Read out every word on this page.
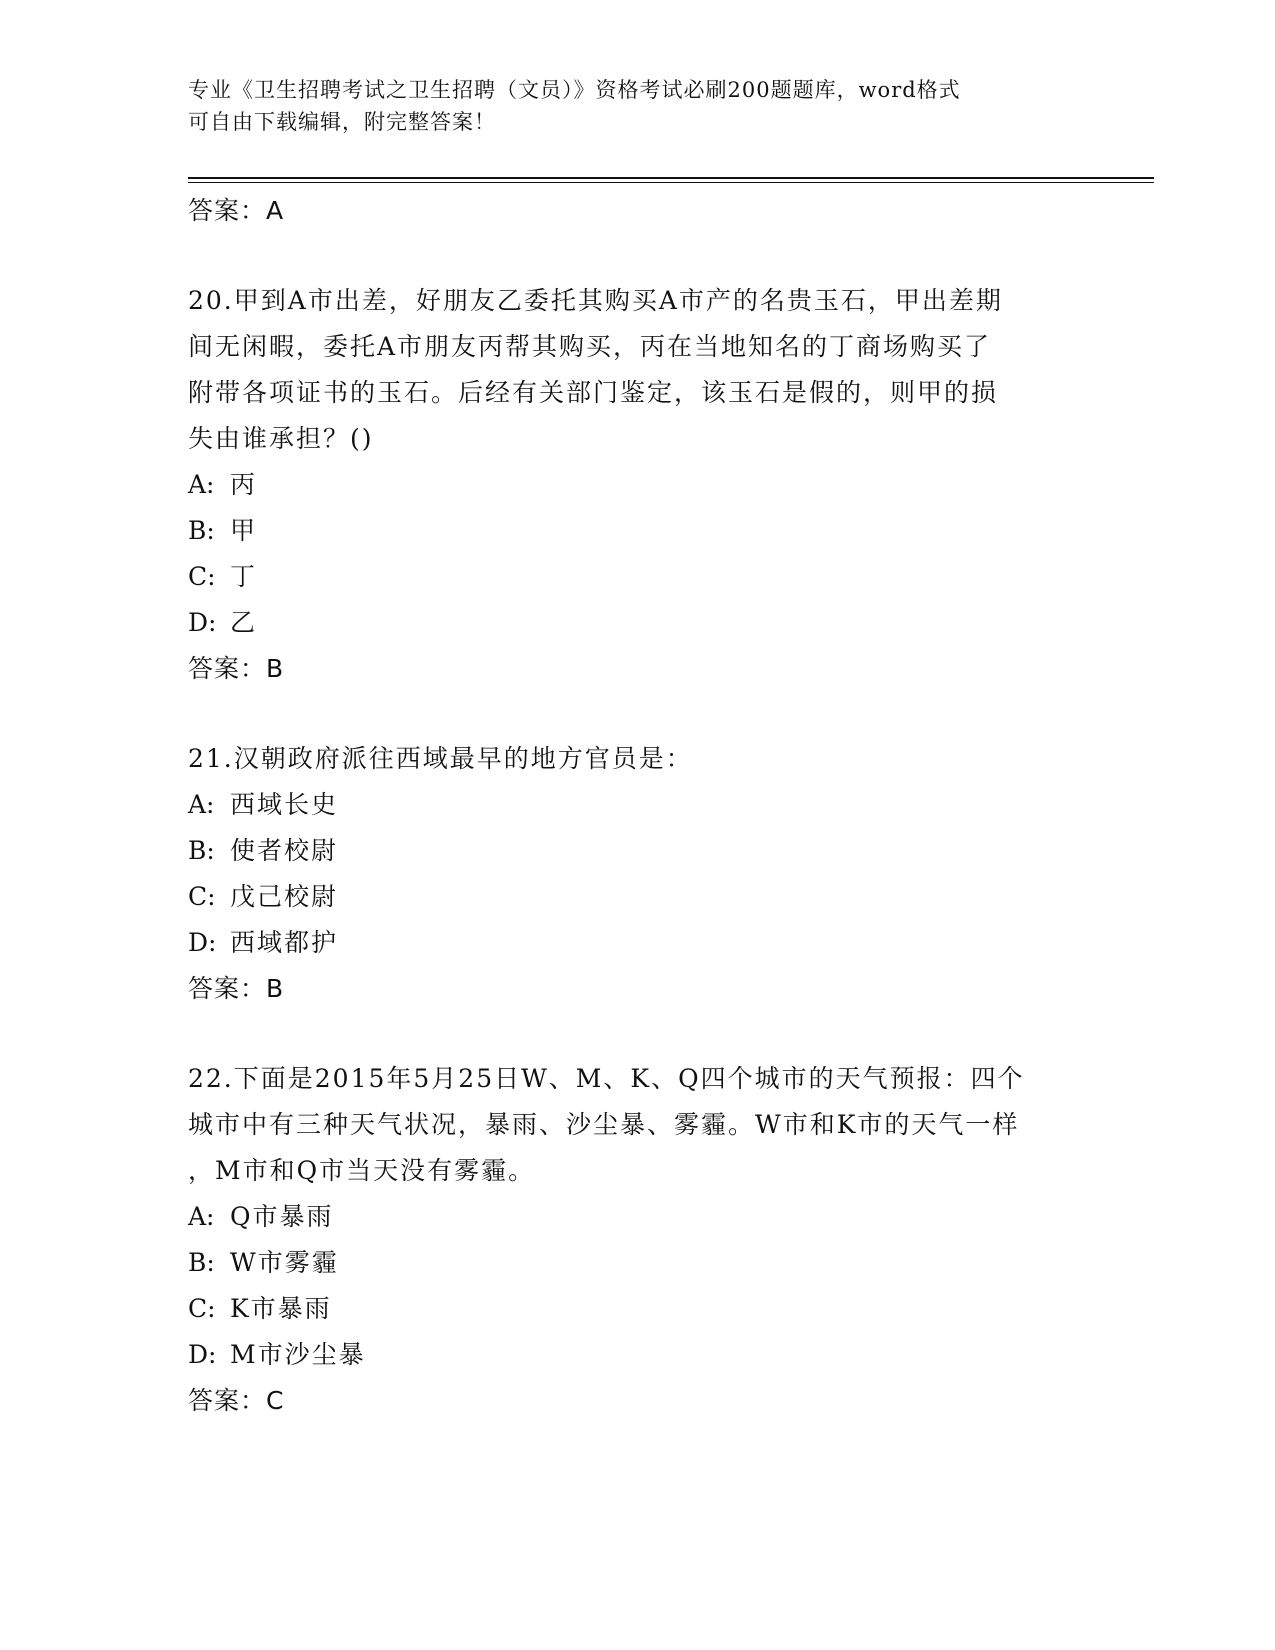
专业《卫生招聘考试之卫生招聘（文员）》资格考试必刷200题题库，word格式
可自由下载编辑，附完整答案！

答案：A

20.甲到A市出差，好朋友乙委托其购买A市产的名贵玉石，甲出差期

间无闲暇，委托A市朋友丙帮其购买，丙在当地知名的丁商场购买了

附带各项证书的玉石。后经有关部门鉴定，该玉石是假的，则甲的损

失由谁承担？()

A: 丙

B: 甲

C: 丁

D: 乙

答案：B

21.汉朝政府派往西域最早的地方官员是：

A: 西域长史

B: 使者校尉

C: 戊己校尉

D: 西域都护

答案：B

22.下面是2015年5月25日W、M、K、Q四个城市的天气预报：四个

城市中有三种天气状况，暴雨、沙尘暴、雾霾。W市和K市的天气一样

，M市和Q市当天没有雾霾。

A: Q市暴雨

B: W市雾霾

C: K市暴雨

D: M市沙尘暴

答案：C
